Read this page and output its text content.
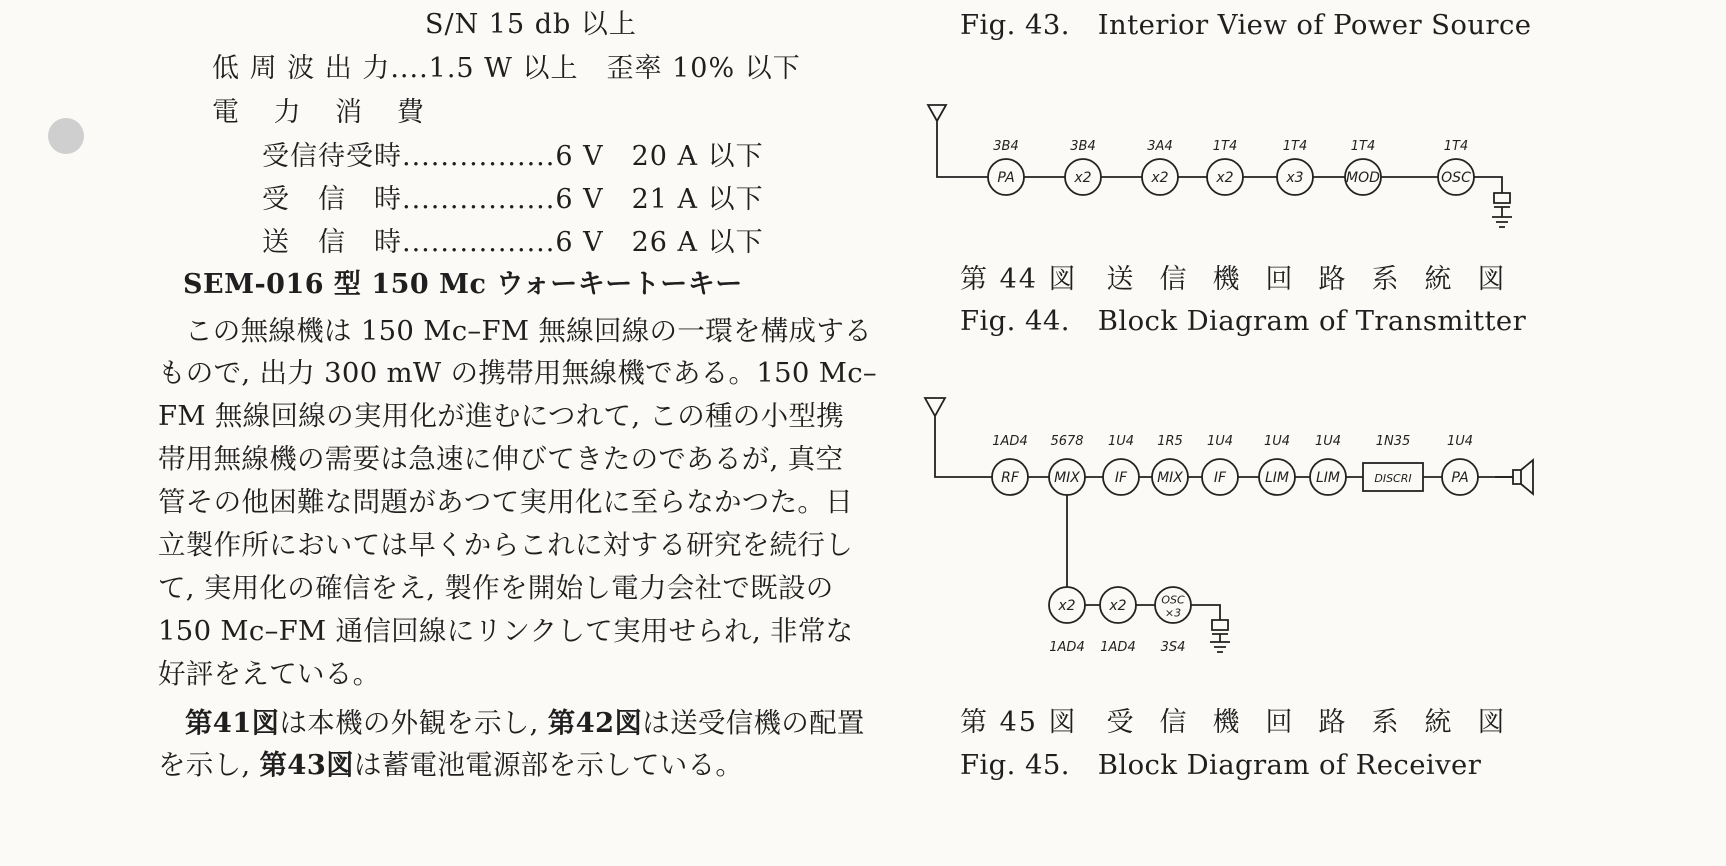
S/N 15 db 以上
低 周 波 出 力....1.5 W 以上　歪率 10% 以下
電 力 消 費
受信待受時................6 V　 20 A 以下
受　信　時................6 V　 21 A 以下
送　信　時................6 V　 26 A 以下
SEM-016 型 150 Mc ウォーキートーキー
この無線機は 150 Mc–FM 無線回線の一環を構成する
もので, 出力 300 mW の携帯用無線機である。150 Mc–
FM 無線回線の実用化が進むにつれて, この種の小型携
帯用無線機の需要は急速に伸びてきたのであるが, 真空
管その他困難な問題があつて実用化に至らなかつた。日
立製作所においては早くからこれに対する研究を続行し
て, 実用化の確信をえ, 製作を開始し電力会社で既設の
150 Mc–FM 通信回線にリンクして実用せられ, 非常な
好評をえている。
第41図は本機の外観を示し, 第42図は送受信機の配置
を示し, 第43図は蓄電池電源部を示している。
Fig. 43.　Interior View of Power Source
PA
3B4
x2
3B4
x2
3A4
x2
1T4
x3
1T4
MOD
1T4
OSC
1T4
第 44 図　 送信機回路系統図
Fig. 44.　Block Diagram of Transmitter
RF
1AD4
MIX
5678
IF
1U4
MIX
1R5
IF
1U4
LIM
1U4
LIM
1U4
DISCRI
1N35
PA
1U4
x2
1AD4
x2
1AD4
OSC
×3
3S4
第 45 図　 受信機回路系統図
Fig. 45.　Block Diagram of Receiver
